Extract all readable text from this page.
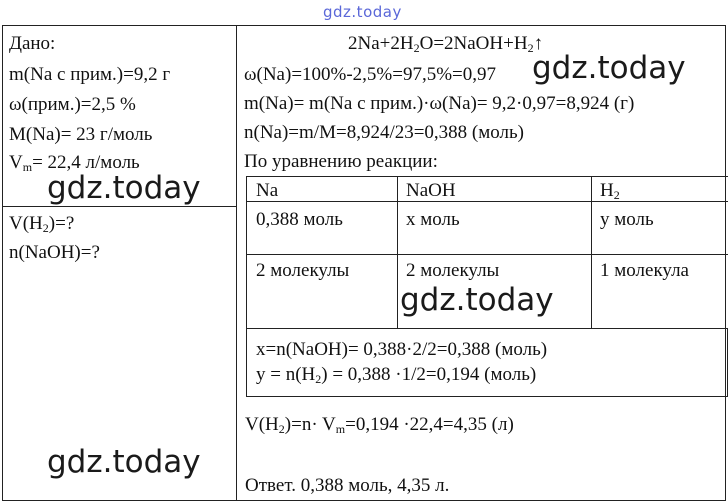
gdz.today
Дано:
m(Na с прим.)=9,2 г
ω(прим.)=2,5 %
M(Na)= 23 г/моль
$V_m= 22,4$ л/моль
$V(H_2)=$?
n(NaOH)=?
$2Na+2H_2O=2NaOH+H_2↑$
ω(Na)=100%-2,5%=97,5%=0,97
m(Na)= m(Na с прим.)·ω(Na)= 9,2·0,97=8,924 (г)
n(Na)=m/M=8,924/23=0,388 (моль)
По уравнению реакции:
Na	NaOH	$H_2$
0,388 моль	x моль	y моль
2 молекулы	2 молекулы	1 молекула
x=n(NaOH)= 0,388·2/2=0,388 (моль)
$y = n(H_2) = 0,388 \cdot 1/2=0,194$ (моль)
$V(H_2)=n\cdot V_m=0,194 \cdot 22,4=4,35$ (л)
Ответ. 0,388 моль, 4,35 л.
gdz.today
gdz.today
gdz.today
gdz.today
